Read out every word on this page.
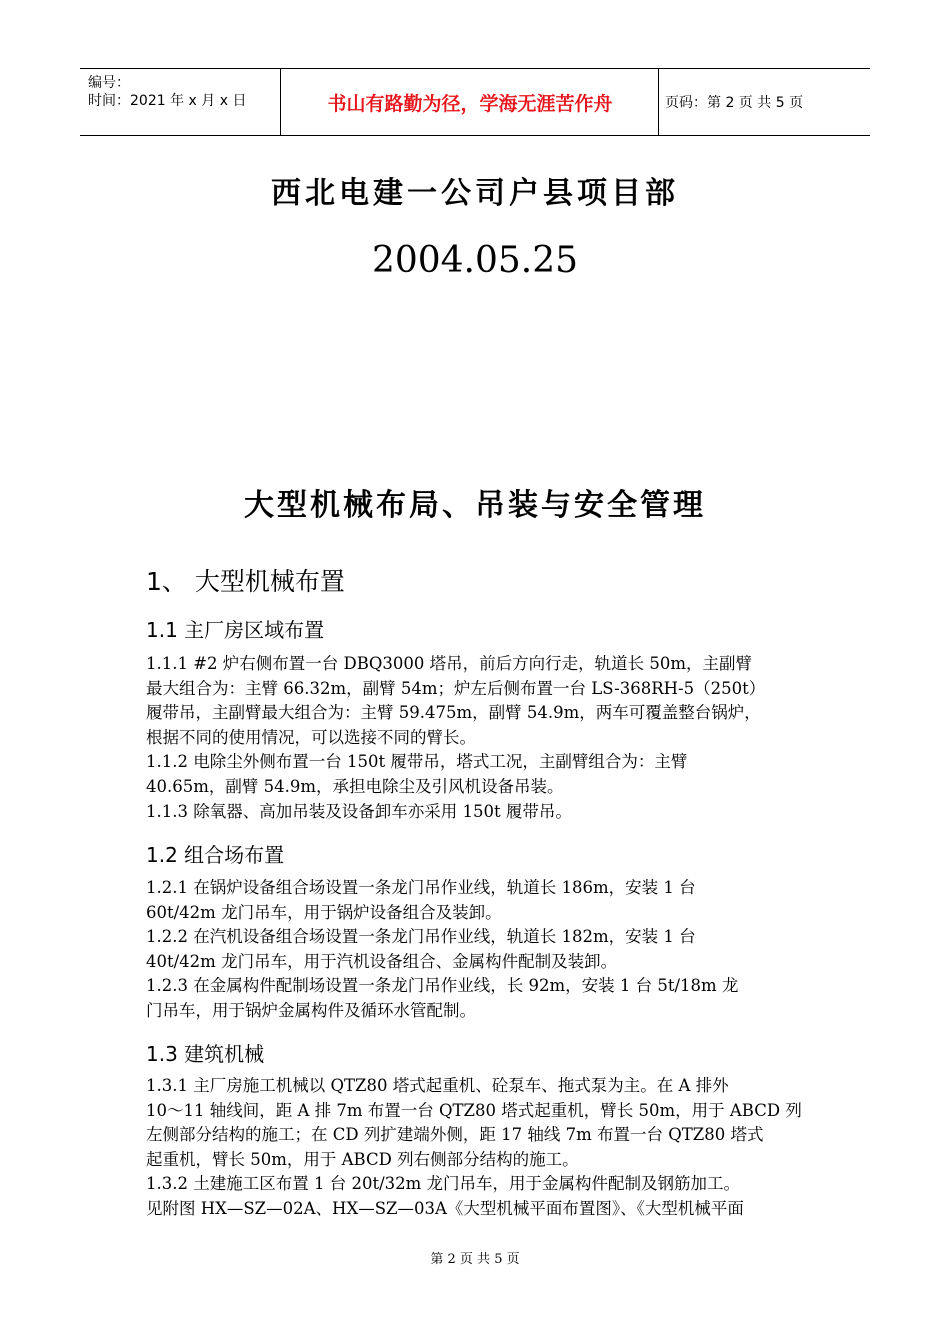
编号：
时间：2021 年 x 月 x 日	书山有路勤为径，学海无涯苦作舟	页码：第 2 页 共 5 页
西北电建一公司户县项目部
2004.05.25
大型机械布局、吊装与安全管理
1、 大型机械布置
1.1 主厂房区域布置
1.1.1 #2 炉右侧布置一台 DBQ3000 塔吊，前后方向行走，轨道长 50m，主副臂
最大组合为：主臂 66.32m，副臂 54m；炉左后侧布置一台 LS-368RH-5（250t）
履带吊，主副臂最大组合为：主臂 59.475m，副臂 54.9m，两车可覆盖整台锅炉，
根据不同的使用情况，可以选接不同的臂长。
1.1.2 电除尘外侧布置一台 150t 履带吊，塔式工况，主副臂组合为：主臂
40.65m，副臂 54.9m，承担电除尘及引风机设备吊装。
1.1.3 除氧器、高加吊装及设备卸车亦采用 150t 履带吊。
1.2 组合场布置
1.2.1 在锅炉设备组合场设置一条龙门吊作业线，轨道长 186m，安装 1 台
60t/42m 龙门吊车，用于锅炉设备组合及装卸。
1.2.2 在汽机设备组合场设置一条龙门吊作业线，轨道长 182m，安装 1 台
40t/42m 龙门吊车，用于汽机设备组合、金属构件配制及装卸。
1.2.3 在金属构件配制场设置一条龙门吊作业线，长 92m，安装 1 台 5t/18m 龙
门吊车，用于锅炉金属构件及循环水管配制。
1.3 建筑机械
1.3.1 主厂房施工机械以 QTZ80 塔式起重机、砼泵车、拖式泵为主。在 A 排外
10～11 轴线间，距 A 排 7m 布置一台 QTZ80 塔式起重机，臂长 50m，用于 ABCD 列
左侧部分结构的施工；在 CD 列扩建端外侧，距 17 轴线 7m 布置一台 QTZ80 塔式
起重机，臂长 50m，用于 ABCD 列右侧部分结构的施工。
1.3.2 土建施工区布置 1 台 20t/32m 龙门吊车，用于金属构件配制及钢筋加工。
见附图 HX—SZ—02A、HX—SZ—03A《大型机械平面布置图》、《大型机械平面
第 2 页 共 5 页
